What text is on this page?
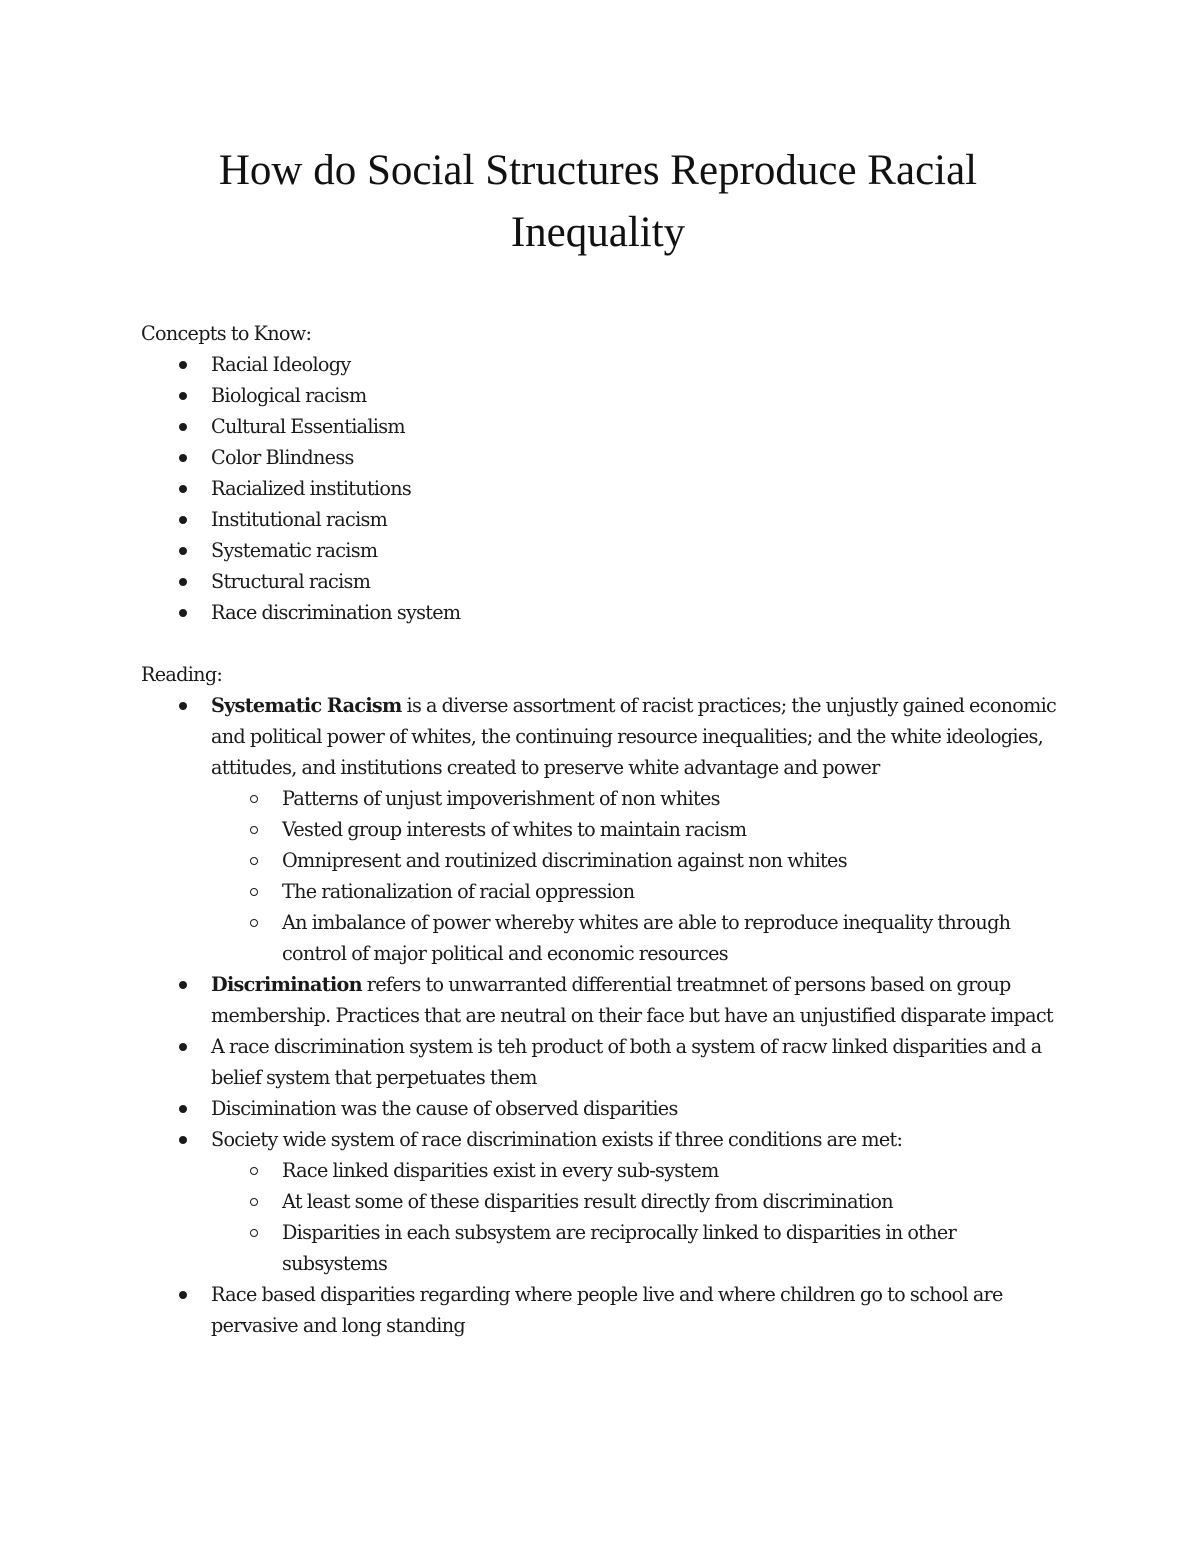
How do Social Structures Reproduce Racial Inequality

Concepts to Know:

Racial Ideology
Biological racism
Cultural Essentialism
Color Blindness
Racialized institutions
Institutional racism
Systematic racism
Structural racism
Race discrimination system

Reading:

Systematic Racism is a diverse assortment of racist practices; the unjustly gained economic and political power of whites, the continuing resource inequalities; and the white ideologies, attitudes, and institutions created to preserve white advantage and power
Patterns of unjust impoverishment of non whites
Vested group interests of whites to maintain racism
Omnipresent and routinized discrimination against non whites
The rationalization of racial oppression
An imbalance of power whereby whites are able to reproduce inequality through control of major political and economic resources
Discrimination refers to unwarranted differential treatmnet of persons based on group membership. Practices that are neutral on their face but have an unjustified disparate impact
A race discrimination system is teh product of both a system of racw linked disparities and a belief system that perpetuates them
Discimination was the cause of observed disparities
Society wide system of race discrimination exists if three conditions are met:
Race linked disparities exist in every sub-system
At least some of these disparities result directly from discrimination
Disparities in each subsystem are reciprocally linked to disparities in other subsystems
Race based disparities regarding where people live and where children go to school are pervasive and long standing
